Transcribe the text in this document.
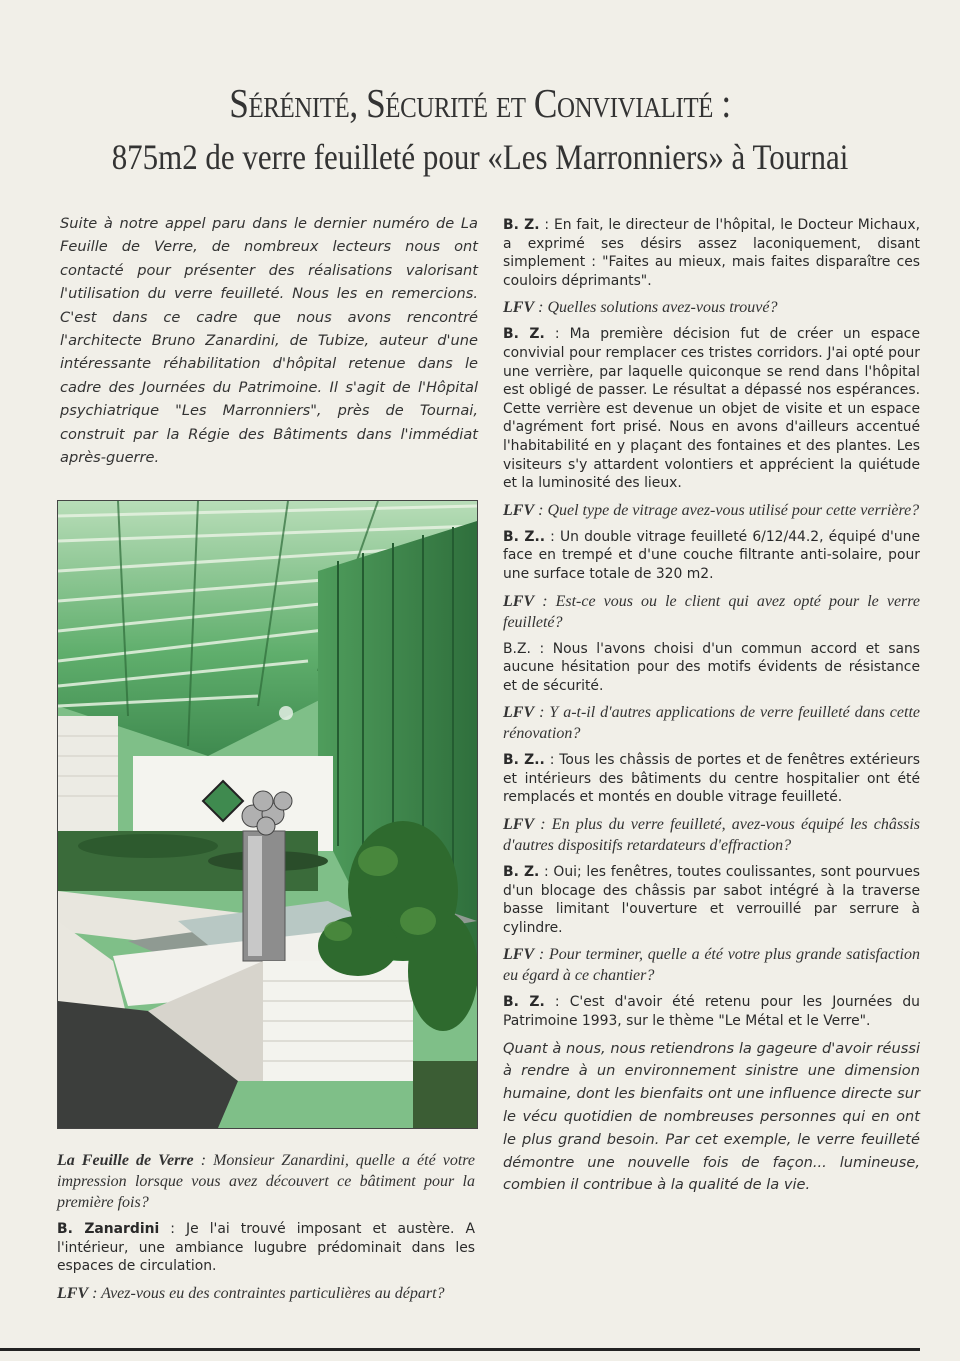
Sérénité, Sécurité et Convivialité :
875m2 de verre feuilleté pour «Les Marronniers» à Tournai

Suite à notre appel paru dans le dernier numéro de La Feuille de Verre, de nombreux lecteurs nous ont contacté pour présenter des réalisations valorisant l'utilisation du verre feuilleté. Nous les en remercions. C'est dans ce cadre que nous avons rencontré l'architecte Bruno Zanardini, de Tubize, auteur d'une intéressante réhabilitation d'hôpital retenue dans le cadre des Journées du Patrimoine. Il s'agit de l'Hôpital psychiatrique "Les Marronniers", près de Tournai, construit par la Régie des Bâtiments dans l'immédiat après-guerre.

La Feuille de Verre : Monsieur Zanardini, quelle a été votre impression lorsque vous avez découvert ce bâtiment pour la première fois?

B. Zanardini : Je l'ai trouvé imposant et austère. A l'intérieur, une ambiance lugubre prédominait dans les espaces de circulation.

LFV : Avez-vous eu des contraintes particulières au départ?

B. Z. : En fait, le directeur de l'hôpital, le Docteur Michaux, a exprimé ses désirs assez laconiquement, disant simplement : "Faites au mieux, mais faites disparaître ces couloirs déprimants".

LFV : Quelles solutions avez-vous trouvé?

B. Z. : Ma première décision fut de créer un espace convivial pour remplacer ces tristes corridors. J'ai opté pour une verrière, par laquelle quiconque se rend dans l'hôpital est obligé de passer. Le résultat a dépassé nos espérances. Cette verrière est devenue un objet de visite et un espace d'agrément fort prisé. Nous en avons d'ailleurs accentué l'habitabilité en y plaçant des fontaines et des plantes. Les visiteurs s'y attardent volontiers et apprécient la quiétude et la luminosité des lieux.

LFV : Quel type de vitrage avez-vous utilisé pour cette verrière?

B. Z.. : Un double vitrage feuilleté 6/12/44.2, équipé d'une face en trempé et d'une couche filtrante anti-solaire, pour une surface totale de 320 m2.

LFV : Est-ce vous ou le client qui avez opté pour le verre feuilleté?

B.Z. : Nous l'avons choisi d'un commun accord et sans aucune hésitation pour des motifs évidents de résistance et de sécurité.

LFV : Y a-t-il d'autres applications de verre feuilleté dans cette rénovation?

B. Z.. : Tous les châssis de portes et de fenêtres extérieurs et intérieurs des bâtiments du centre hospitalier ont été remplacés et montés en double vitrage feuilleté.

LFV : En plus du verre feuilleté, avez-vous équipé les châssis d'autres dispositifs retardateurs d'effraction?

B. Z. : Oui; les fenêtres, toutes coulissantes, sont pourvues d'un blocage des châssis par sabot intégré à la traverse basse limitant l'ouverture et verrouillé par serrure à cylindre.

LFV : Pour terminer, quelle a été votre plus grande satisfaction eu égard à ce chantier?

B. Z. : C'est d'avoir été retenu pour les Journées du Patrimoine 1993, sur le thème "Le Métal et le Verre".

Quant à nous, nous retiendrons la gageure d'avoir réussi à rendre à un environnement sinistre une dimension humaine, dont les bienfaits ont une influence directe sur le vécu quotidien de nombreuses personnes qui en ont le plus grand besoin. Par cet exemple, le verre feuilleté démontre une nouvelle fois de façon... lumineuse, combien il contribue à la qualité de la vie.
